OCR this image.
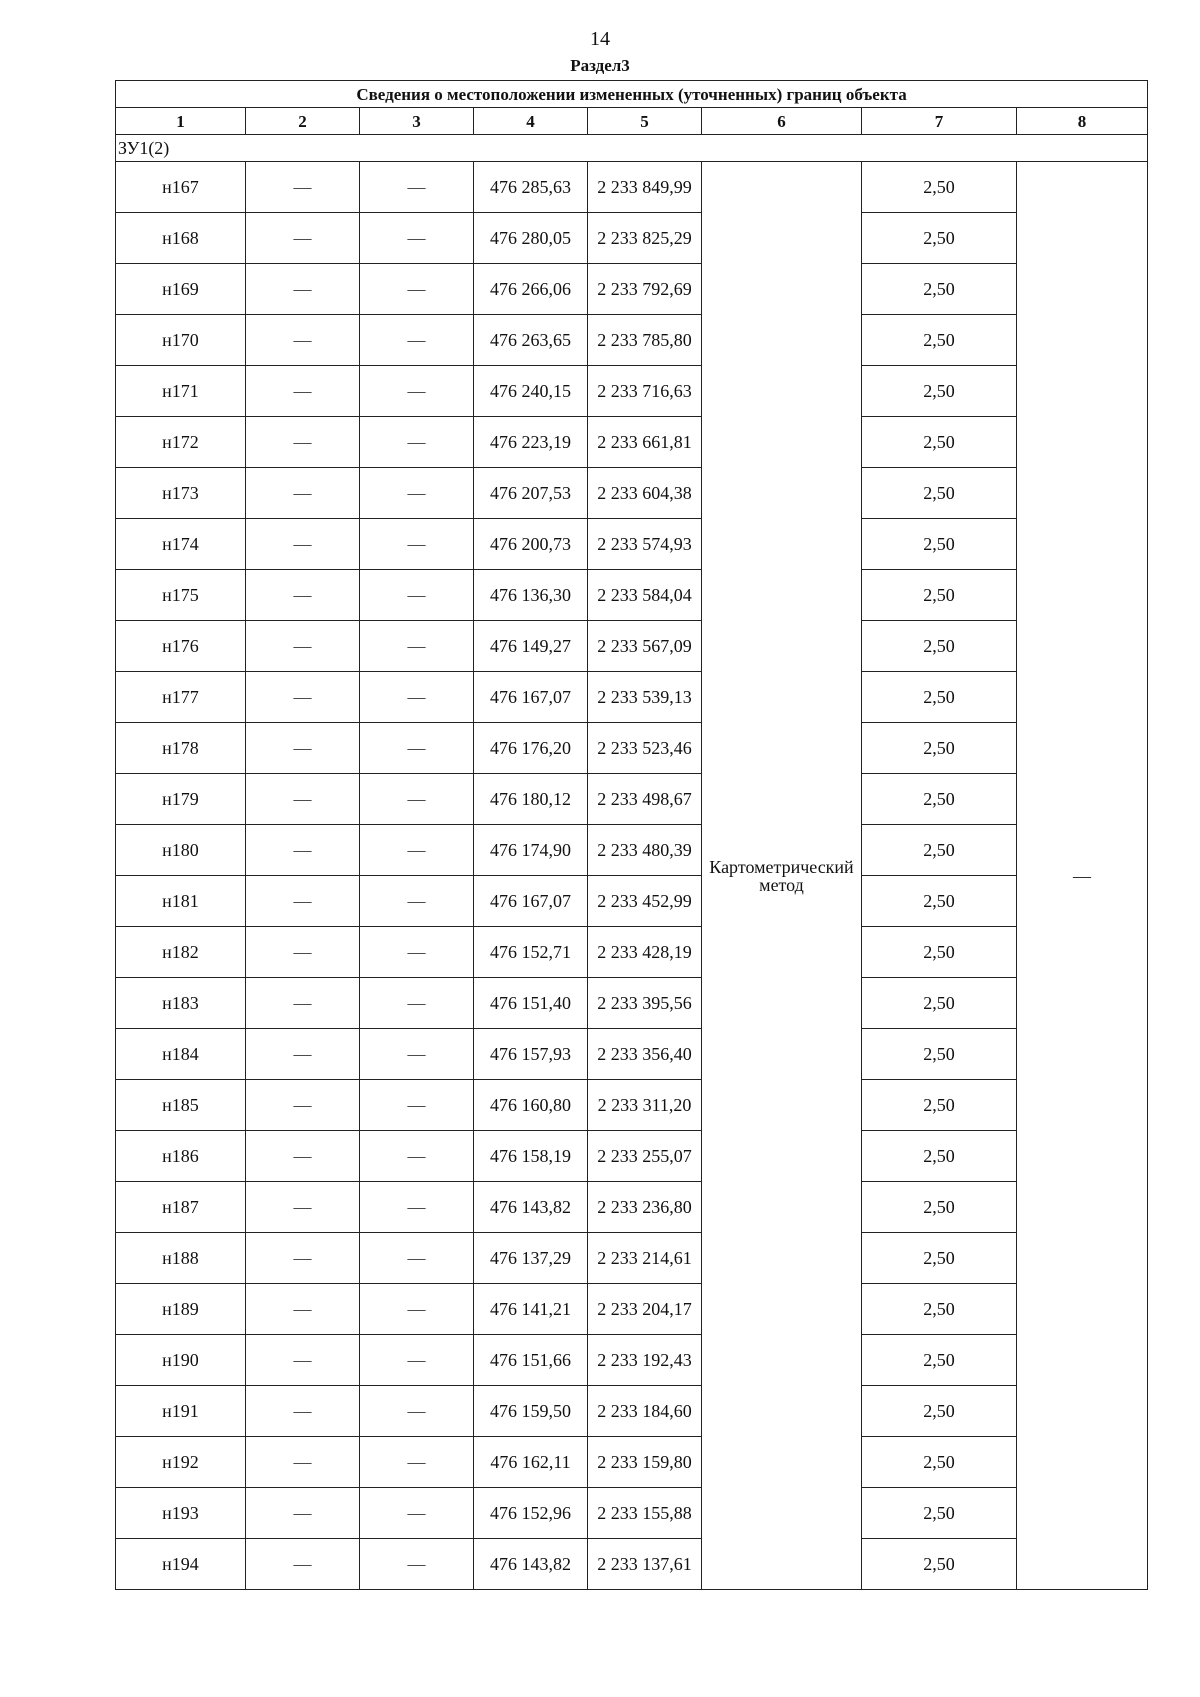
14
Раздел3
Сведения о местоположении измененных (уточненных) границ объекта							
1	2	3	4	5	6	7	8
ЗУ1(2)							
н167	—	—	476 285,63	2 233 849,99	Картометрический метод	2,50	—
н168	—	—	476 280,05	2 233 825,29		2,50	
н169	—	—	476 266,06	2 233 792,69		2,50	
н170	—	—	476 263,65	2 233 785,80		2,50	
н171	—	—	476 240,15	2 233 716,63		2,50	
н172	—	—	476 223,19	2 233 661,81		2,50	
н173	—	—	476 207,53	2 233 604,38		2,50	
н174	—	—	476 200,73	2 233 574,93		2,50	
н175	—	—	476 136,30	2 233 584,04		2,50	
н176	—	—	476 149,27	2 233 567,09		2,50	
н177	—	—	476 167,07	2 233 539,13		2,50	
н178	—	—	476 176,20	2 233 523,46		2,50	
н179	—	—	476 180,12	2 233 498,67		2,50	
н180	—	—	476 174,90	2 233 480,39		2,50	
н181	—	—	476 167,07	2 233 452,99		2,50	
н182	—	—	476 152,71	2 233 428,19		2,50	
н183	—	—	476 151,40	2 233 395,56		2,50	
н184	—	—	476 157,93	2 233 356,40		2,50	
н185	—	—	476 160,80	2 233 311,20		2,50	
н186	—	—	476 158,19	2 233 255,07		2,50	
н187	—	—	476 143,82	2 233 236,80		2,50	
н188	—	—	476 137,29	2 233 214,61		2,50	
н189	—	—	476 141,21	2 233 204,17		2,50	
н190	—	—	476 151,66	2 233 192,43		2,50	
н191	—	—	476 159,50	2 233 184,60		2,50	
н192	—	—	476 162,11	2 233 159,80		2,50	
н193	—	—	476 152,96	2 233 155,88		2,50	
н194	—	—	476 143,82	2 233 137,61		2,50	
